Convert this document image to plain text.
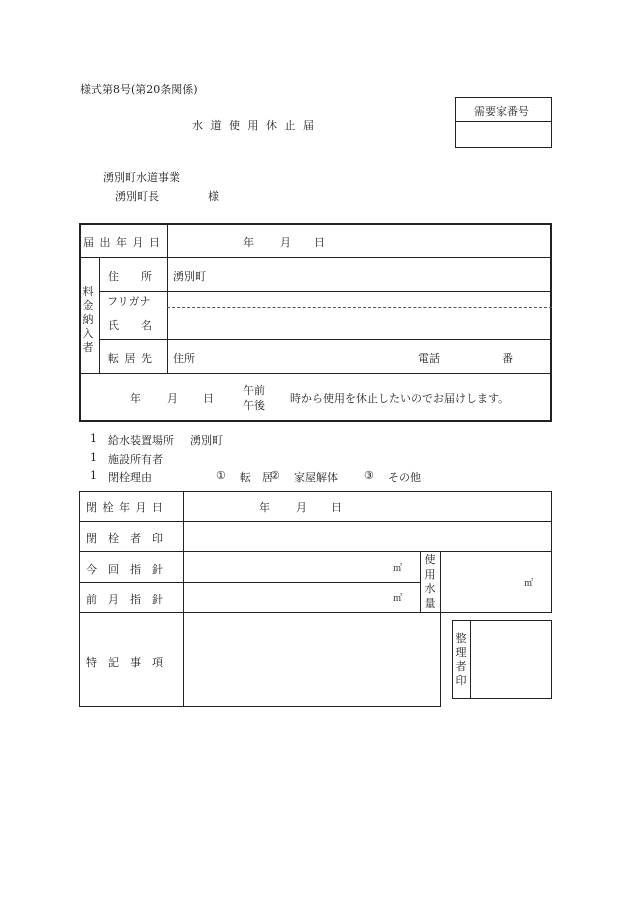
様式第8号(第20条関係)
水 道 使 用 休 止 届
需要家番号
湧別町水道事業
湧別町長	様
届 出 年 月 日	年 月 日
料金納入者
住　　所 湧別町
フリガナ
氏　　名
転 居 先 住所	電話	番
年 月 日
午前
午後
時から使用を休止したいのでお届けします。
1 給水装置場所 湧別町
1 施設所有者
1 閉栓理由	① 転　居
② 家屋解体 ③ その他
閉 栓 年 月 日	年 月 日
閉　栓　者　印
今　回　指　針	㎥
前　月　指　針	㎥
使用水量
㎥
特　記　事　項
整理者印
